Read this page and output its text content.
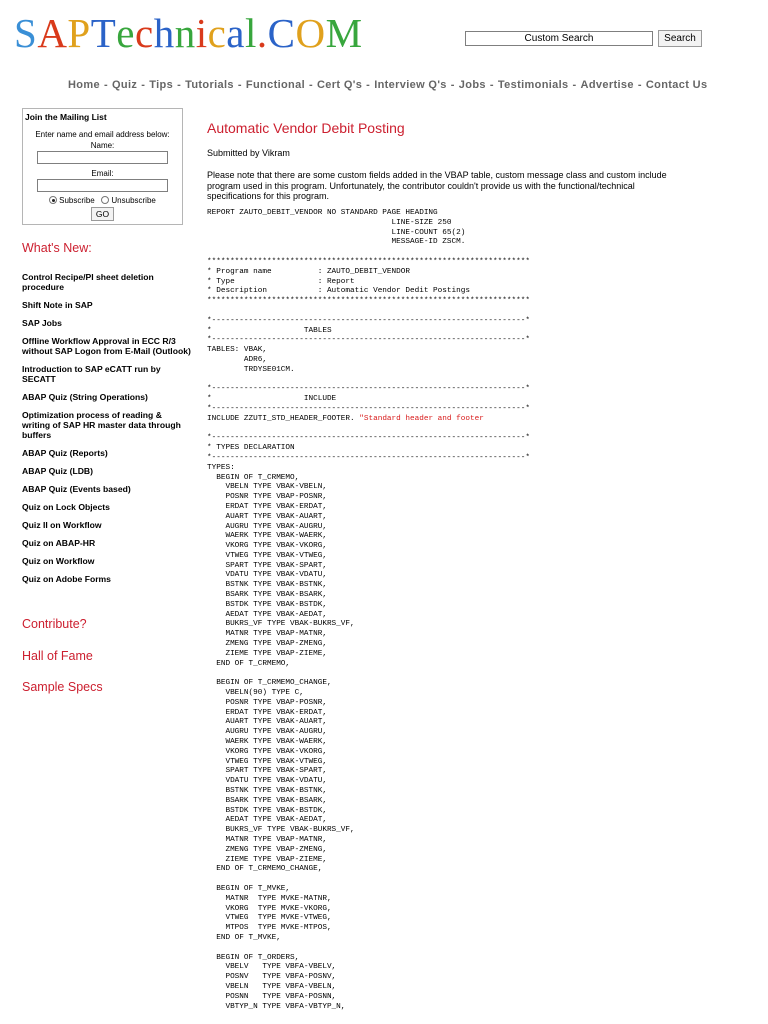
SAPTechnical.COM
Custom Search	Search
Home - Quiz - Tips - Tutorials - Functional - Cert Q's - Interview Q's - Jobs - Testimonials - Advertise - Contact Us
Join the Mailing List
Enter name and email address below:
Name:
Email:
Subscribe Unsubscribe
GO
What's New:
Control Recipe/PI sheet deletion procedure
Shift Note in SAP
SAP Jobs
Offline Workflow Approval in ECC R/3 without SAP Logon from E-Mail (Outlook)
Introduction to SAP eCATT run by SECATT
ABAP Quiz (String Operations)
Optimization process of reading & writing of SAP HR master data through buffers
ABAP Quiz (Reports)
ABAP Quiz (LDB)
ABAP Quiz (Events based)
Quiz on Lock Objects
Quiz II on Workflow
Quiz on ABAP-HR
Quiz on Workflow
Quiz on Adobe Forms
Contribute?
Hall of Fame
Sample Specs
Automatic Vendor Debit Posting
Submitted by Vikram
Please note that there are some custom fields added in the VBAP table, custom message class and custom include program used in this program. Unfortunately, the contributor couldn't provide us with the functional/technical specifications for this program.
REPORT ZAUTO_DEBIT_VENDOR NO STANDARD PAGE HEADING
LINE-SIZE 250
LINE-COUNT 65(2)
MESSAGE-ID ZSCM.

**********************************************************************
* Program name          : ZAUTO_DEBIT_VENDOR
* Type                  : Report
* Description           : Automatic Vendor Dedit Postings
**********************************************************************

*--------------------------------------------------------------------*
*                    TABLES
*--------------------------------------------------------------------*
TABLES: VBAK,
ADR6,
TRDYSE01CM.

*--------------------------------------------------------------------*
*                    INCLUDE
*--------------------------------------------------------------------*
INCLUDE ZZUTI_STD_HEADER_FOOTER. "Standard header and footer

*--------------------------------------------------------------------*
* TYPES DECLARATION
*--------------------------------------------------------------------*
TYPES:
BEGIN OF T_CRMEMO,
VBELN TYPE VBAK-VBELN,
POSNR TYPE VBAP-POSNR,
ERDAT TYPE VBAK-ERDAT,
AUART TYPE VBAK-AUART,
AUGRU TYPE VBAK-AUGRU,
WAERK TYPE VBAK-WAERK,
VKORG TYPE VBAK-VKORG,
VTWEG TYPE VBAK-VTWEG,
SPART TYPE VBAK-SPART,
VDATU TYPE VBAK-VDATU,
BSTNK TYPE VBAK-BSTNK,
BSARK TYPE VBAK-BSARK,
BSTDK TYPE VBAK-BSTDK,
AEDAT TYPE VBAK-AEDAT,
BUKRS_VF TYPE VBAK-BUKRS_VF,
MATNR TYPE VBAP-MATNR,
ZMENG TYPE VBAP-ZMENG,
ZIEME TYPE VBAP-ZIEME,
END OF T_CRMEMO,

BEGIN OF T_CRMEMO_CHANGE,
VBELN(90) TYPE C,
POSNR TYPE VBAP-POSNR,
ERDAT TYPE VBAK-ERDAT,
AUART TYPE VBAK-AUART,
AUGRU TYPE VBAK-AUGRU,
WAERK TYPE VBAK-WAERK,
VKORG TYPE VBAK-VKORG,
VTWEG TYPE VBAK-VTWEG,
SPART TYPE VBAK-SPART,
VDATU TYPE VBAK-VDATU,
BSTNK TYPE VBAK-BSTNK,
BSARK TYPE VBAK-BSARK,
BSTDK TYPE VBAK-BSTDK,
AEDAT TYPE VBAK-AEDAT,
BUKRS_VF TYPE VBAK-BUKRS_VF,
MATNR TYPE VBAP-MATNR,
ZMENG TYPE VBAP-ZMENG,
ZIEME TYPE VBAP-ZIEME,
END OF T_CRMEMO_CHANGE,

BEGIN OF T_MVKE,
MATNR  TYPE MVKE-MATNR,
VKORG  TYPE MVKE-VKORG,
VTWEG  TYPE MVKE-VTWEG,
MTPOS  TYPE MVKE-MTPOS,
END OF T_MVKE,

BEGIN OF T_ORDERS,
VBELV   TYPE VBFA-VBELV,
POSNV   TYPE VBFA-POSNV,
VBELN   TYPE VBFA-VBELN,
POSNN   TYPE VBFA-POSNN,
VBTYP_N TYPE VBFA-VBTYP_N,
